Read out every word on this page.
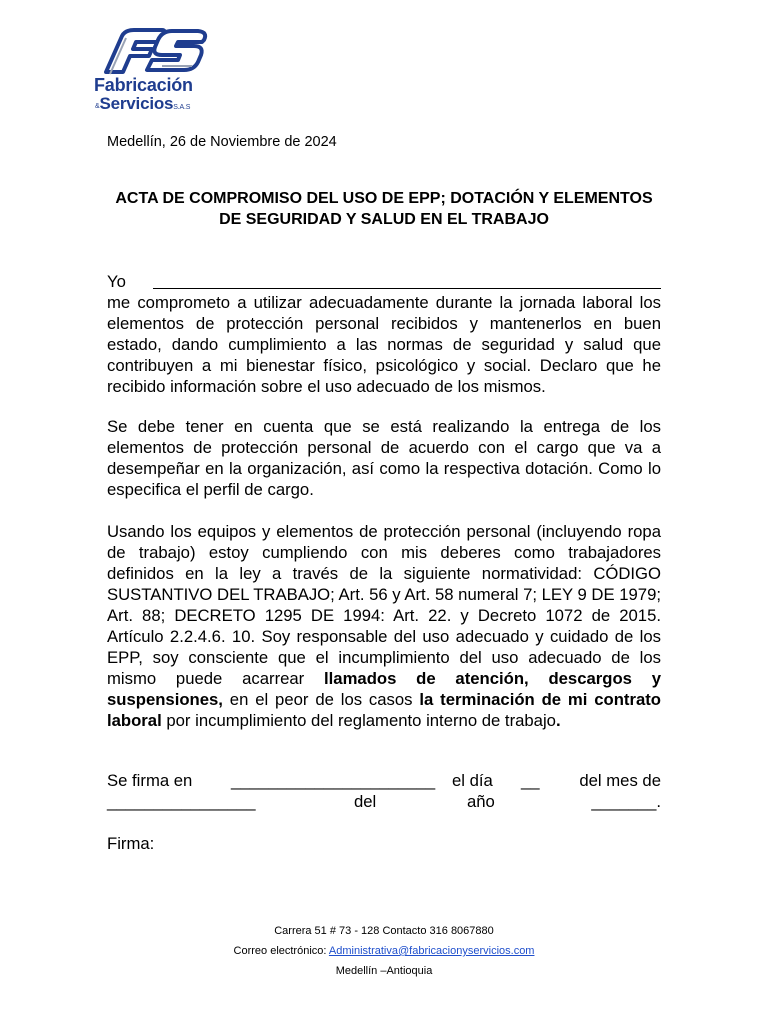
Fabricación
&ServiciosS.A.S
Medellín, 26 de Noviembre de 2024
ACTA DE COMPROMISO DEL USO DE EPP; DOTACIÓN Y ELEMENTOS DE SEGURIDAD Y SALUD EN EL TRABAJO
Yo
me comprometo a utilizar adecuadamente durante la jornada laboral los elementos de protección personal recibidos y mantenerlos en buen estado, dando cumplimiento a las normas de seguridad y salud que contribuyen a mi bienestar físico, psicológico y social. Declaro que he recibido información sobre el uso adecuado de los mismos.
Se debe tener en cuenta que se está realizando la entrega de los elementos de protección personal de acuerdo con el cargo que va a desempeñar en la organización, así como la respectiva dotación. Como lo especifica el perfil de cargo.
Usando los equipos y elementos de protección personal (incluyendo ropa de trabajo) estoy cumpliendo con mis deberes como trabajadores definidos en la ley a través de la siguiente normatividad: CÓDIGO SUSTANTIVO DEL TRABAJO; Art. 56 y Art. 58 numeral 7; LEY 9 DE 1979; Art. 88; DECRETO 1295 DE 1994: Art. 22. y Decreto 1072 de 2015. Artículo 2.2.4.6. 10. Soy responsable del uso adecuado y cuidado de los EPP, soy consciente que el incumplimiento del uso adecuado de los mismo puede acarrear llamados de atención, descargos y suspensiones, en el peor de los casos la terminación de mi contrato laboral por incumplimiento del reglamento interno de trabajo.
Se firma en ______________________ el día __ del mes de
________________	del	año	_______.
Firma:
Carrera 51 # 73 - 128 Contacto 316 8067880
Correo electrónico: Administrativa@fabricacionyservicios.com
Medellín –Antioquia
